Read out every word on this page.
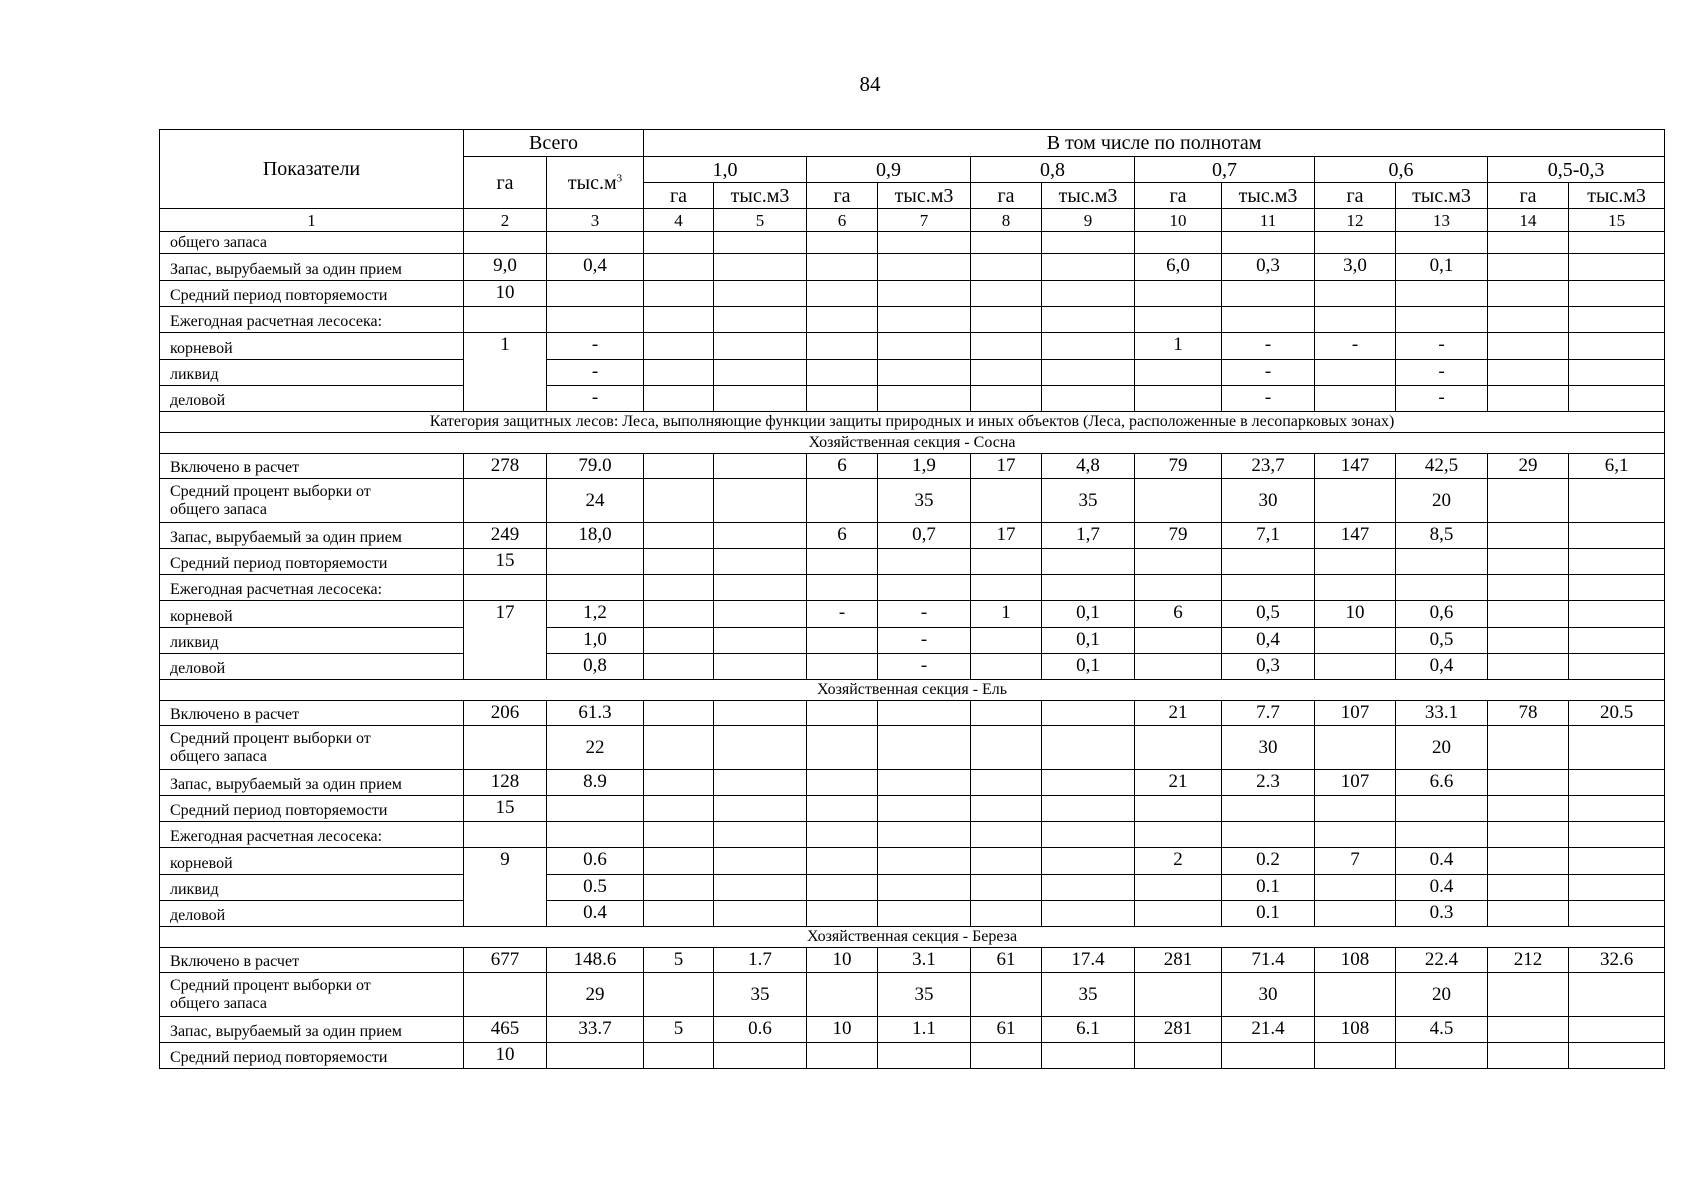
84
Показатели	Всего		В том числе по полнотам											
	га	$тыс.м^3$	1,0		0,9		0,8		0,7		0,6		0,5-0,3	
			га	тыс.м3	га	тыс.м3	га	тыс.м3	га	тыс.м3	га	тыс.м3	га	тыс.м3
1	2	3	4	5	6	7	8	9	10	11	12	13	14	15
общего запаса														
Запас, вырубаемый за один прием	9,0	0,4							6,0	0,3	3,0	0,1		
Средний период повторяемости	10													
Ежегодная расчетная лесосека:														
корневой	1	-							1	-	-	-		
ликвид		-								-		-		
деловой		-								-		-		
Категория защитных лесов: Леса, выполняющие функции защиты природных и иных объектов (Леса, расположенные в лесопарковых зонах)														
Хозяйственная секция - Сосна														
Включено в расчет	278	79.0			6	1,9	17	4,8	79	23,7	147	42,5	29	6,1

Средний процент выборки от
общего запаса		24				35		35		30		20		
Запас, вырубаемый за один прием	249	18,0			6	0,7	17	1,7	79	7,1	147	8,5		
Средний период повторяемости	15													
Ежегодная расчетная лесосека:														
корневой	17	1,2			-	-	1	0,1	6	0,5	10	0,6		
ликвид		1,0				-		0,1		0,4		0,5		
деловой		0,8				-		0,1		0,3		0,4		
Хозяйственная секция - Ель														
Включено в расчет	206	61.3							21	7.7	107	33.1	78	20.5

Средний процент выборки от
общего запаса		22								30		20		
Запас, вырубаемый за один прием	128	8.9							21	2.3	107	6.6		
Средний период повторяемости	15													
Ежегодная расчетная лесосека:														
корневой	9	0.6							2	0.2	7	0.4		
ликвид		0.5								0.1		0.4		
деловой		0.4								0.1		0.3		
Хозяйственная секция - Береза														
Включено в расчет	677	148.6	5	1.7	10	3.1	61	17.4	281	71.4	108	22.4	212	32.6

Средний процент выборки от
общего запаса		29		35		35		35		30		20		
Запас, вырубаемый за один прием	465	33.7	5	0.6	10	1.1	61	6.1	281	21.4	108	4.5		
Средний период повторяемости	10													
